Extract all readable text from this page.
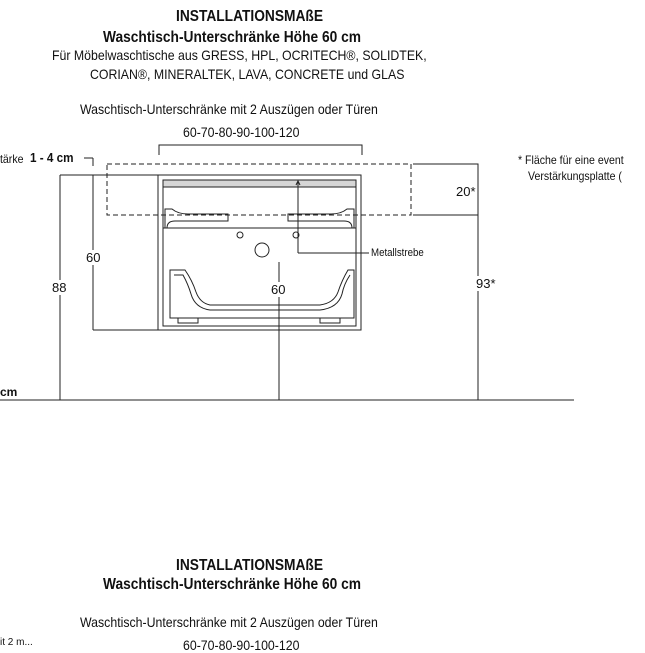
INSTALLATIONSMAßE
Waschtisch-Unterschränke Höhe 60 cm
Für Möbelwaschtische aus GRESS, HPL, OCRITECH®, SOLIDTEK,
CORIAN®, MINERALTEK, LAVA, CONCRETE und GLAS
Waschtisch-Unterschränke mit 2 Auszügen oder Türen
60-70-80-90-100-120
tärke 1 - 4 cm
60
88	60	93*
20*
Metallstrebe
cm
* Fläche für eine event
Verstärkungsplatte (
INSTALLATIONSMAßE
Waschtisch-Unterschränke Höhe 60 cm
Waschtisch-Unterschränke mit 2 Auszügen oder Türen
it 2 m...	60-70-80-90-100-120
